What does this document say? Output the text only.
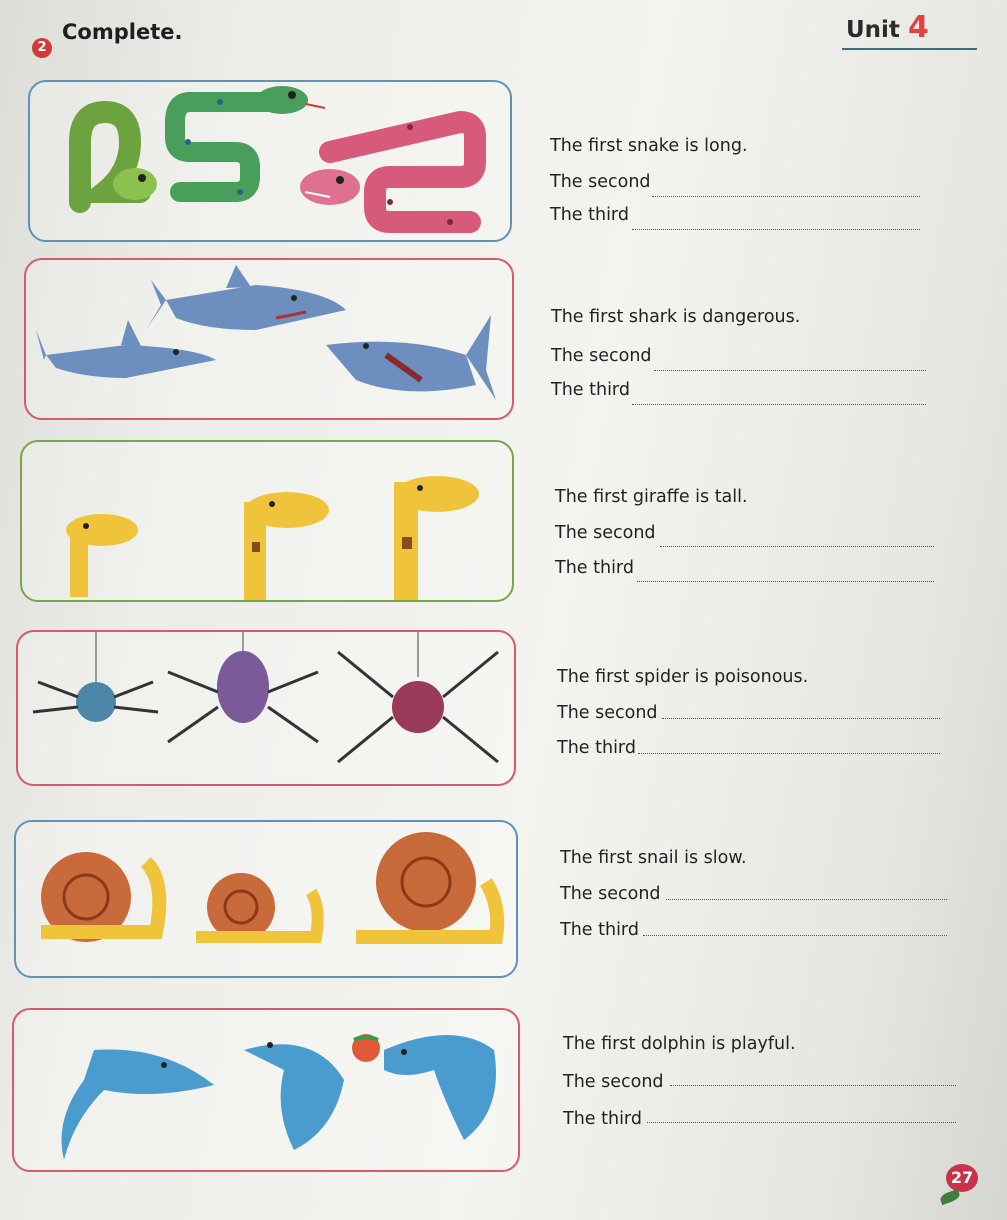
2
Complete.	Unit 4
The first snake is long.
The second
The third
The first shark is dangerous.
The second
The third
The first giraffe is tall.
The second
The third
The first spider is poisonous.
The second
The third
The first snail is slow.
The second
The third
The first dolphin is playful.
The second
The third
27
